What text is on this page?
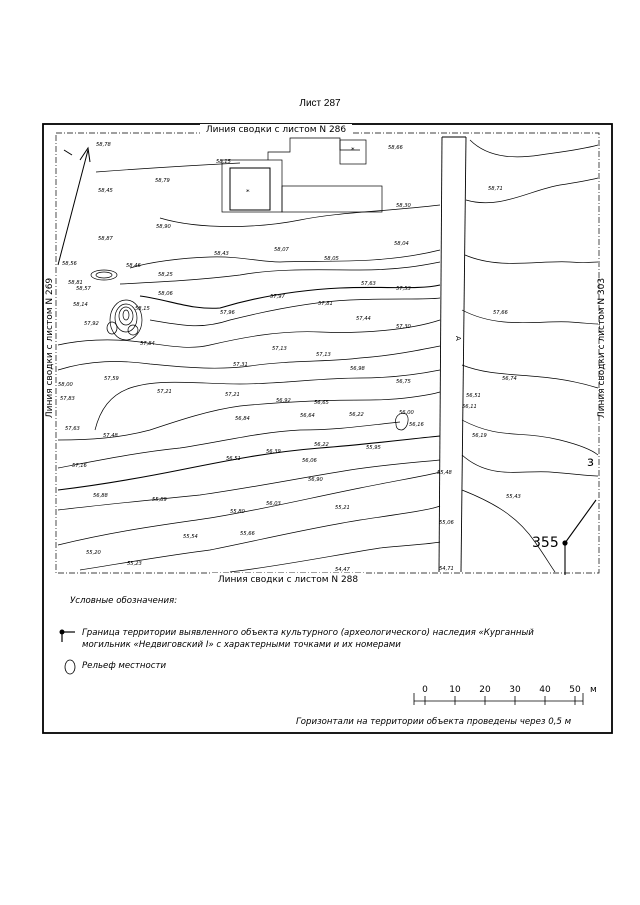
Лист 287
Линия сводки с листом N 286
Линия сводки с листом N 288
Линия сводки с листом N 269	Линия сводки с листом N 303
A
ж
ж
355
з
58,78	58,66
58,15
58,79
58,45	58,71
58,30
58,87
58,90
58,04
58,56	58,46
58,43
58,07
58,05
58,81
58,57
58,25
57,63
57,53
58,06	57,97
58,14
58,15
57,96
57,81
57,66
57,92
57,44
57,30
57,84
57,13
57,13
58,00
57,59
57,31
56,98
56,75	56,74
57,21	57,21
56,92	56,65
56,51
57,83
56,84	56,64	56,22	56,00
56,16
56,11
57,63
57,48	56,19
56,39
56,22	55,95
57,16
56,51	56,06
55,48
56,90
55,43
56,88
55,89
56,03
55,80
55,21
55,06
55,54	55,66
55,20
55,23
54,47	54,71
Условные обозначения:
Граница территории выявленного объекта культурного (археологического) наследия «Курганный могильник «Недвиговский I» с характерными точками и их номерами
Рельеф местности
0 10 20 30 40 50 м
Горизонтали на территории объекта проведены через 0,5 м
